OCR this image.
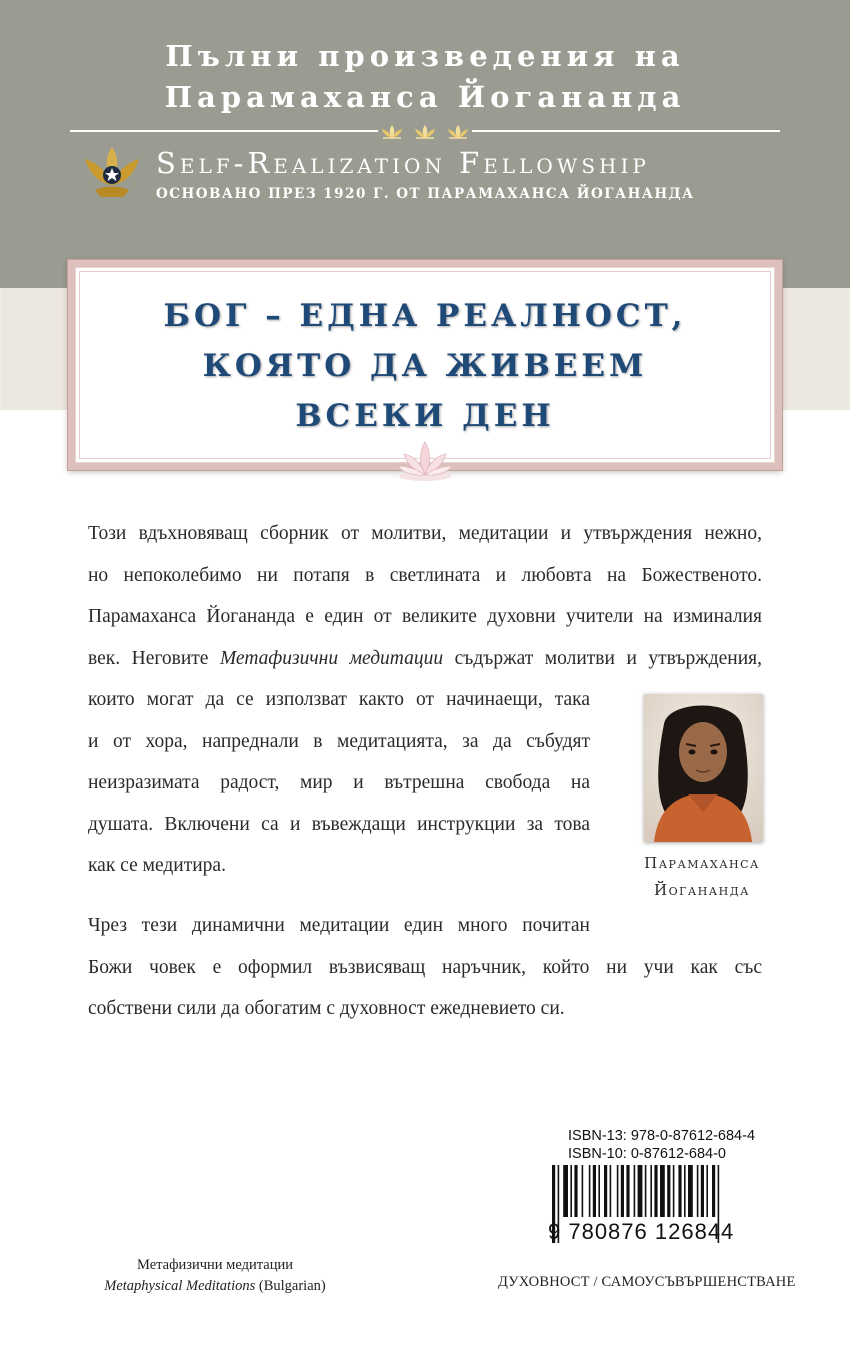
Пълни произведения на
Парамаханса Йогананда
Self-Realization Fellowship
ОСНОВАНО ПРЕЗ 1920 Г. ОТ ПАРАМАХАНСА ЙОГАНАНДА
БОГ – ЕДНА РЕАЛНОСТ,
КОЯТО ДА ЖИВЕЕМ
ВСЕКИ ДЕН

Този вдъхновяващ сборник от молитви, медитации и утвърждения нежно,

но непоколебимо ни потапя в светлината и любовта на Божественото.

Парамаханса Йогананда е един от великите духовни учители на изминалия

век. Неговите Метафизични медитации съдържат молитви и утвърждения,

които могат да се използват както от начинаещи, така

и от хора, напреднали в медитацията, за да събудят

неизразимата радост, мир и вътрешна свобода на

душата. Включени са и въвеждащи инструкции за това

как се медитира.	Парамаханса
Йогананда
Чрез тези динамични медитации един много почитан
Божи човек е оформил възвисяващ наръчник, който ни учи как със
собствени сили да обогатим с духовност ежедневието си.
ISBN-13: 978-0-87612-684-4
ISBN-10: 0-87612-684-0
9 780876 126844
Метафизични медитации
Metaphysical Meditations (Bulgarian)	ДУХОВНОСТ / САМОУСЪВЪРШЕНСТВАНЕ
